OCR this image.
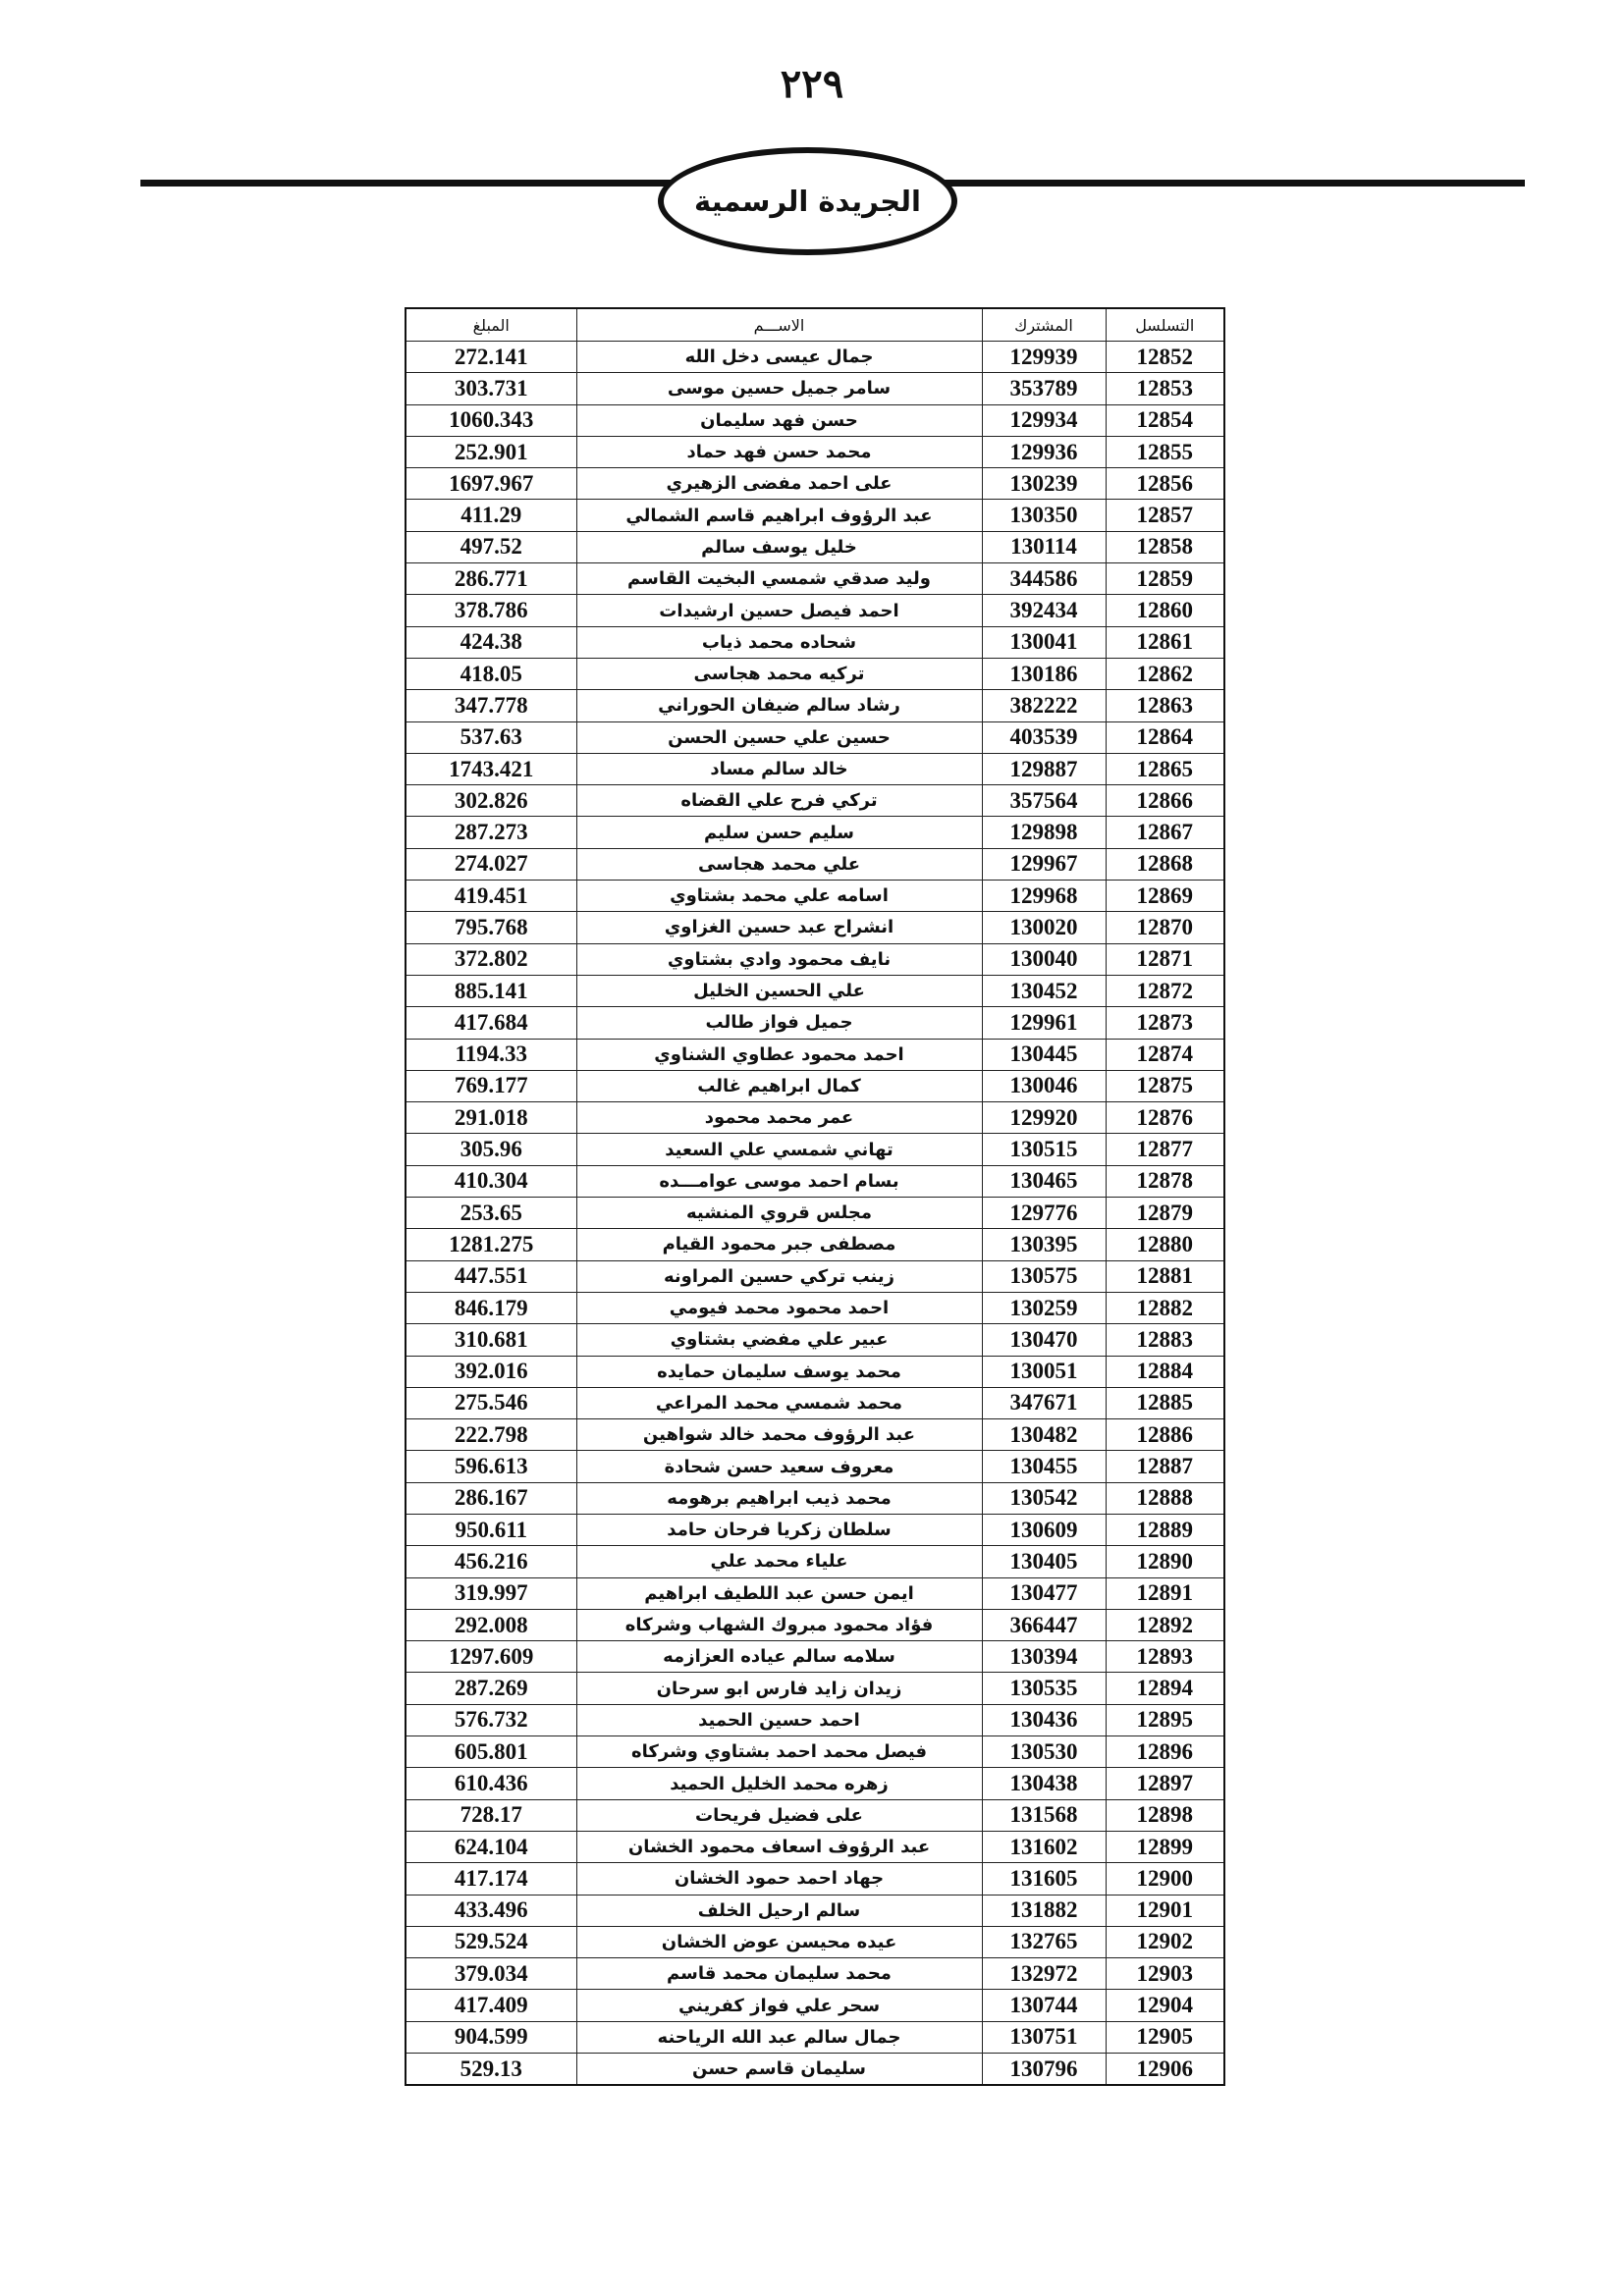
٢٢٩
الجريدة الرسمية
التسلسل	المشترك	الاســـم	المبلغ
12852	129939	جمال عيسى دخل الله	272.141
12853	353789	سامر جميل حسين موسى	303.731
12854	129934	حسن فهد سليمان	1060.343
12855	129936	محمد حسن فهد حماد	252.901
12856	130239	على احمد مفضى الزهيري	1697.967
12857	130350	عبد الرؤوف ابراهيم قاسم الشمالي	411.29
12858	130114	خليل يوسف سالم	497.52
12859	344586	وليد صدقي شمسي البخيت القاسم	286.771
12860	392434	احمد فيصل حسين ارشيدات	378.786
12861	130041	شحاده محمد ذياب	424.38
12862	130186	تركيه محمد هجاسى	418.05
12863	382222	رشاد سالم ضيفان الحوراني	347.778
12864	403539	حسين علي حسين الحسن	537.63
12865	129887	خالد سالم مساد	1743.421
12866	357564	تركي فرح علي القضاه	302.826
12867	129898	سليم حسن سليم	287.273
12868	129967	علي محمد هجاسى	274.027
12869	129968	اسامه علي محمد بشتاوي	419.451
12870	130020	انشراح عبد حسين الغزاوي	795.768
12871	130040	نايف محمود وادي بشتاوي	372.802
12872	130452	علي الحسين الخليل	885.141
12873	129961	جميل فواز طالب	417.684
12874	130445	احمد محمود عطاوي الشناوي	1194.33
12875	130046	كمال ابراهيم غالب	769.177
12876	129920	عمر محمد محمود	291.018
12877	130515	تهاني شمسي علي السعيد	305.96
12878	130465	بسام احمد موسى عوامـــده	410.304
12879	129776	مجلس قروي المنشيه	253.65
12880	130395	مصطفى جبر محمود القيام	1281.275
12881	130575	زينب تركي حسين المراونه	447.551
12882	130259	احمد محمود محمد فيومي	846.179
12883	130470	عبير علي مفضي بشتاوي	310.681
12884	130051	محمد يوسف سليمان حمايده	392.016
12885	347671	محمد شمسي محمد المراعي	275.546
12886	130482	عبد الرؤوف محمد خالد شواهين	222.798
12887	130455	معروف سعيد حسن شحادة	596.613
12888	130542	محمد ذيب ابراهيم برهومه	286.167
12889	130609	سلطان زكريا فرحان حامد	950.611
12890	130405	علياء محمد علي	456.216
12891	130477	ايمن حسن عبد اللطيف ابراهيم	319.997
12892	366447	فؤاد محمود مبروك الشهاب وشركاه	292.008
12893	130394	سلامه سالم عياده العزازمه	1297.609
12894	130535	زيدان زايد فارس ابو سرحان	287.269
12895	130436	احمد حسين الحميد	576.732
12896	130530	فيصل محمد احمد بشتاوي وشركاه	605.801
12897	130438	زهره محمد الخليل الحميد	610.436
12898	131568	على فضيل فريحات	728.17
12899	131602	عبد الرؤوف اسعاف محمود الخشان	624.104
12900	131605	جهاد احمد حمود الخشان	417.174
12901	131882	سالم ارحيل الخلف	433.496
12902	132765	عيده محيسن عوض الخشان	529.524
12903	132972	محمد سليمان محمد قاسم	379.034
12904	130744	سحر علي فواز كفريني	417.409
12905	130751	جمال سالم عبد الله الرياحنه	904.599
12906	130796	سليمان قاسم حسن	529.13
